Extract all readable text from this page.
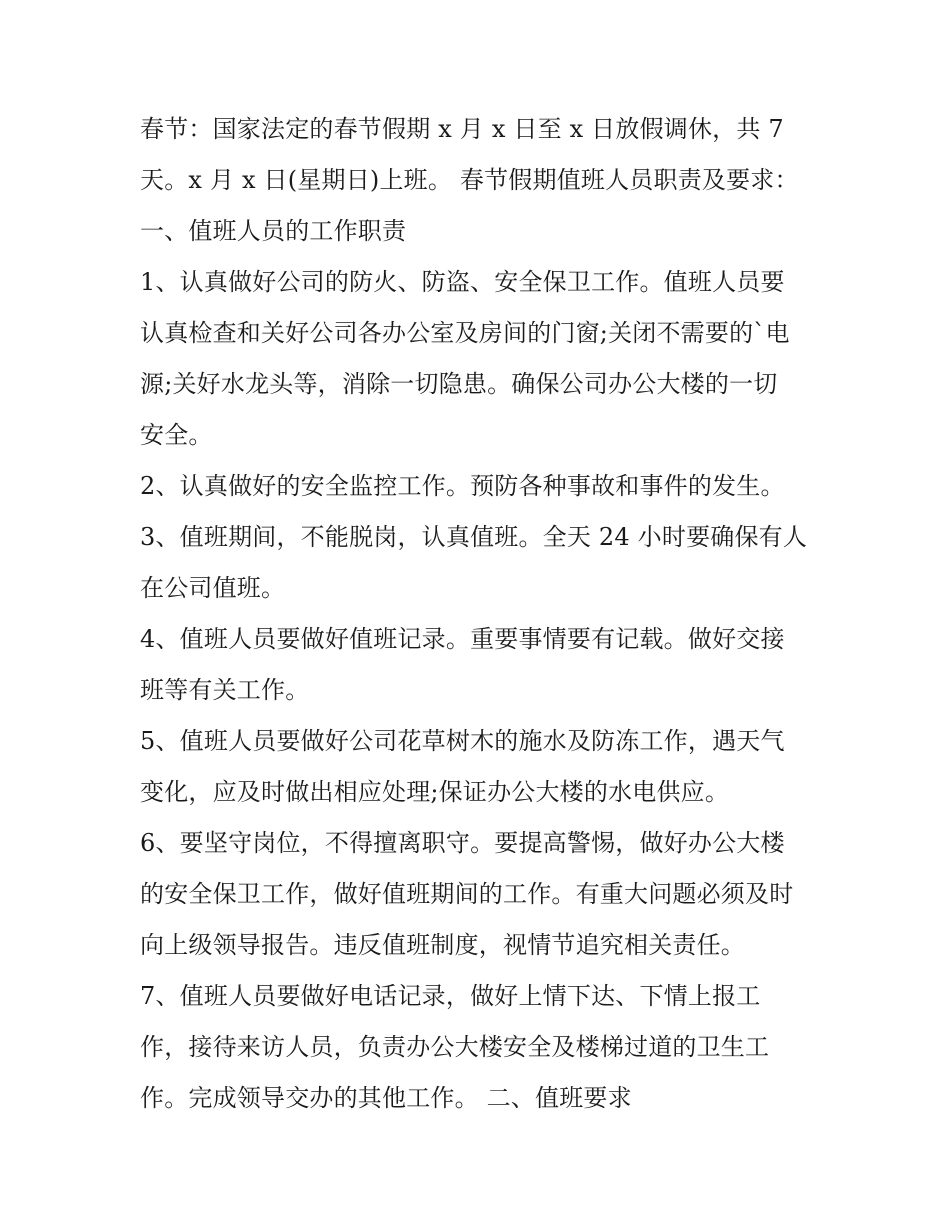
春节：国家法定的春节假期 x 月 x 日至 x 日放假调休，共 7
天。x 月 x 日(星期日)上班。 春节假期值班人员职责及要求：
一、值班人员的工作职责
1、认真做好公司的防火、防盗、安全保卫工作。值班人员要
认真检查和关好公司各办公室及房间的门窗;关闭不需要的`电
源;关好水龙头等，消除一切隐患。确保公司办公大楼的一切
安全。
2、认真做好的安全监控工作。预防各种事故和事件的发生。
3、值班期间，不能脱岗，认真值班。全天 24 小时要确保有人
在公司值班。
4、值班人员要做好值班记录。重要事情要有记载。做好交接
班等有关工作。
5、值班人员要做好公司花草树木的施水及防冻工作，遇天气
变化，应及时做出相应处理;保证办公大楼的水电供应。
6、要坚守岗位，不得擅离职守。要提高警惕，做好办公大楼
的安全保卫工作，做好值班期间的工作。有重大问题必须及时
向上级领导报告。违反值班制度，视情节追究相关责任。
7、值班人员要做好电话记录，做好上情下达、下情上报工
作，接待来访人员，负责办公大楼安全及楼梯过道的卫生工
作。完成领导交办的其他工作。 二、值班要求
